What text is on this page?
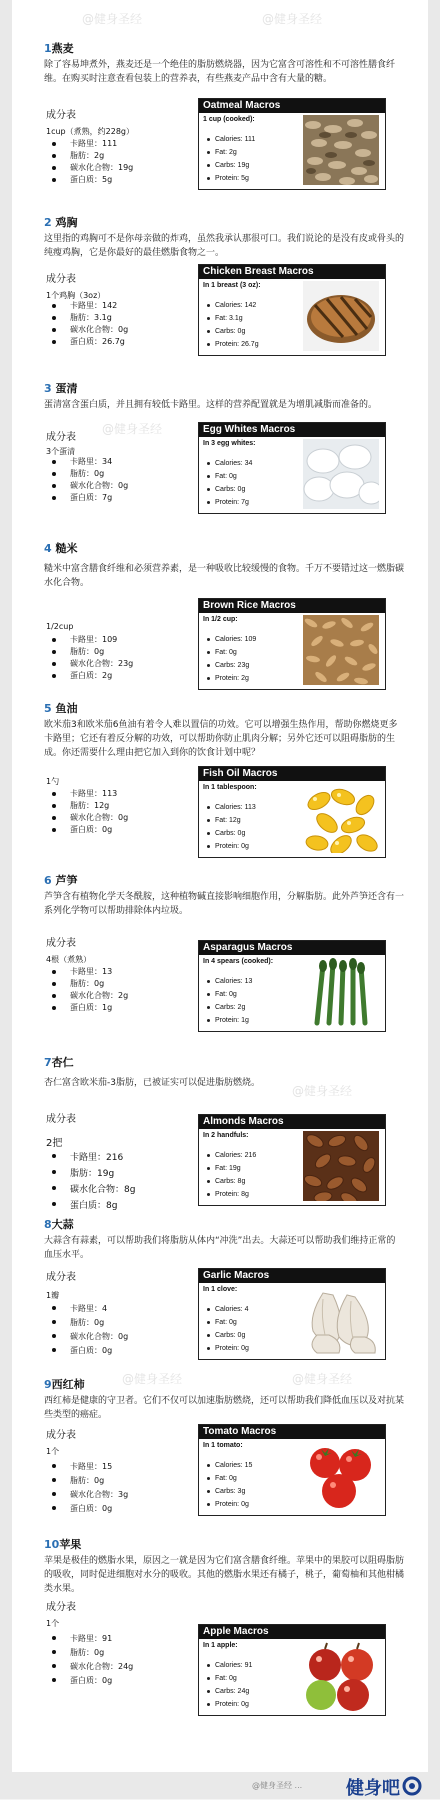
1燕麦
除了容易坤煮外，燕麦还是一个绝佳的脂肪燃烧器，因为它富含可溶性和不可溶性膳食纤维。在购买时注意查看包装上的营养表，有些燕麦产品中含有大量的糖。
成分表
1cup（煮熟，约228g）
卡路里：111
脂肪：2g
碳水化合物：19g
蛋白质：5g
Oatmeal Macros
1 cup (cooked):
Calories: 111
Fat: 2g
Carbs: 19g
Protein: 5g
2 鸡胸
这里指的鸡胸可不是你母亲做的炸鸡，虽然我承认那很可口。我们说论的是没有皮或骨头的纯瘦鸡胸，它是你最好的最佳燃脂食物之一。
成分表
1个鸡胸（3oz）
卡路里：142
脂肪：3.1g
碳水化合物：0g
蛋白质：26.7g
Chicken Breast Macros
In 1 breast (3 oz):
Calories: 142
Fat: 3.1g
Carbs: 0g
Protein: 26.7g
3 蛋清
蛋清富含蛋白质，并且拥有较低卡路里。这样的营养配置就是为增肌减脂而准备的。
成分表
3个蛋清
卡路里：34
脂肪：0g
碳水化合物：0g
蛋白质：7g
Egg Whites Macros
In 3 egg whites:
Calories: 34
Fat: 0g
Carbs: 0g
Protein: 7g
4 糙米
糙米中富含膳食纤维和必须营养素，是一种吸收比较缓慢的食物。千万不要错过这一燃脂碳水化合物。
1/2cup
卡路里：109
脂肪：0g
碳水化合物：23g
蛋白质：2g
Brown Rice Macros
In 1/2 cup:
Calories: 109
Fat: 0g
Carbs: 23g
Protein: 2g
5 鱼油
欧米茄3和欧米茄6鱼油有着令人难以置信的功效。它可以增强生热作用，帮助你燃烧更多卡路里；它还有着反分解的功效，可以帮助你防止肌肉分解；另外它还可以阻碍脂肪的生成。你还需要什么理由把它加入到你的饮食计划中呢？
1勺
卡路里：113
脂肪：12g
碳水化合物：0g
蛋白质：0g
Fish Oil Macros
In 1 tablespoon:
Calories: 113
Fat: 12g
Carbs: 0g
Protein: 0g
6 芦笋
芦笋含有植物化学天冬酰胺，这种植物碱直接影响细胞作用，分解脂肪。此外芦笋还含有一系列化学物可以帮助排除体内垃圾。
成分表
4根（煮熟）
卡路里：13
脂肪：0g
碳水化合物：2g
蛋白质：1g
Asparagus Macros
In 4 spears (cooked):
Calories: 13
Fat: 0g
Carbs: 2g
Protein: 1g
7杏仁
杏仁富含欧米茄-3脂肪，已被证实可以促进脂肪燃烧。
成分表
2把
卡路里：216
脂肪：19g
碳水化合物：8g
蛋白质：8g
Almonds Macros
In 2 handfuls:
Calories: 216
Fat: 19g
Carbs: 8g
Protein: 8g
8大蒜
大蒜含有蒜素，可以帮助我们将脂肪从体内“冲洗”出去。大蒜还可以帮助我们维持正常的血压水平。
成分表
1瓣
卡路里：4
脂肪：0g
碳水化合物：0g
蛋白质：0g
Garlic Macros
In 1 clove:
Calories: 4
Fat: 0g
Carbs: 0g
Protein: 0g
9西红柿
西红柿是健康的守卫者。它们不仅可以加速脂肪燃烧，还可以帮助我们降低血压以及对抗某些类型的癌症。
成分表
1个
卡路里：15
脂肪：0g
碳水化合物：3g
蛋白质：0g
Tomato Macros
In 1 tomato:
Calories: 15
Fat: 0g
Carbs: 3g
Protein: 0g
10苹果
苹果是极佳的燃脂水果，原因之一就是因为它们富含膳食纤维。苹果中的果胶可以阻碍脂肪的吸收，同时促进细胞对水分的吸收。其他的燃脂水果还有橘子，桃子，葡萄柚和其他柑橘类水果。
成分表
1个
卡路里：91
脂肪：0g
碳水化合物：24g
蛋白质：0g
Apple Macros
In 1 apple:
Calories: 91
Fat: 0g
Carbs: 24g
Protein: 0g
@健身圣经	@健身圣经
@健身圣经
@健身圣经
@健身圣经	@健身圣经
@健身圣经 ... 健身吧
